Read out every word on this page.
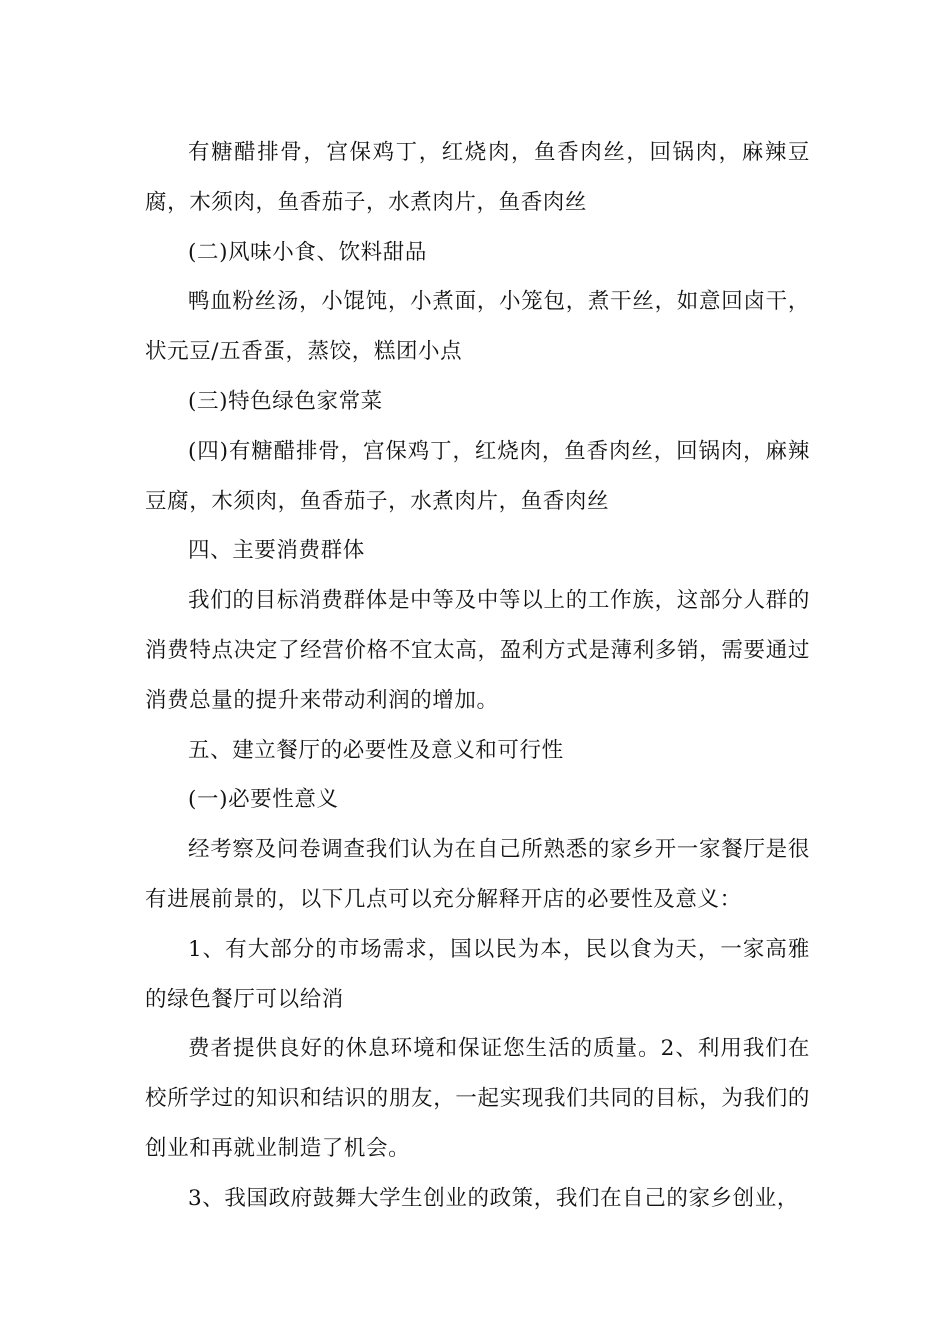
有糖醋排骨，宫保鸡丁，红烧肉，鱼香肉丝，回锅肉，麻辣豆腐，木须肉，鱼香茄子，水煮肉片，鱼香肉丝

(二)风味小食、饮料甜品

鸭血粉丝汤，小馄饨，小煮面，小笼包，煮干丝，如意回卤干，状元豆/五香蛋，蒸饺，糕团小点

(三)特色绿色家常菜

(四)有糖醋排骨，宫保鸡丁，红烧肉，鱼香肉丝，回锅肉，麻辣豆腐，木须肉，鱼香茄子，水煮肉片，鱼香肉丝

四、主要消费群体

我们的目标消费群体是中等及中等以上的工作族，这部分人群的消费特点决定了经营价格不宜太高，盈利方式是薄利多销，需要通过消费总量的提升来带动利润的增加。

五、建立餐厅的必要性及意义和可行性

(一)必要性意义

经考察及问卷调查我们认为在自己所熟悉的家乡开一家餐厅是很有进展前景的，以下几点可以充分解释开店的必要性及意义：

1、有大部分的市场需求，国以民为本，民以食为天，一家高雅的绿色餐厅可以给消

费者提供良好的休息环境和保证您生活的质量。2、利用我们在校所学过的知识和结识的朋友，一起实现我们共同的目标，为我们的创业和再就业制造了机会。

3、我国政府鼓舞大学生创业的政策，我们在自己的家乡创业，
